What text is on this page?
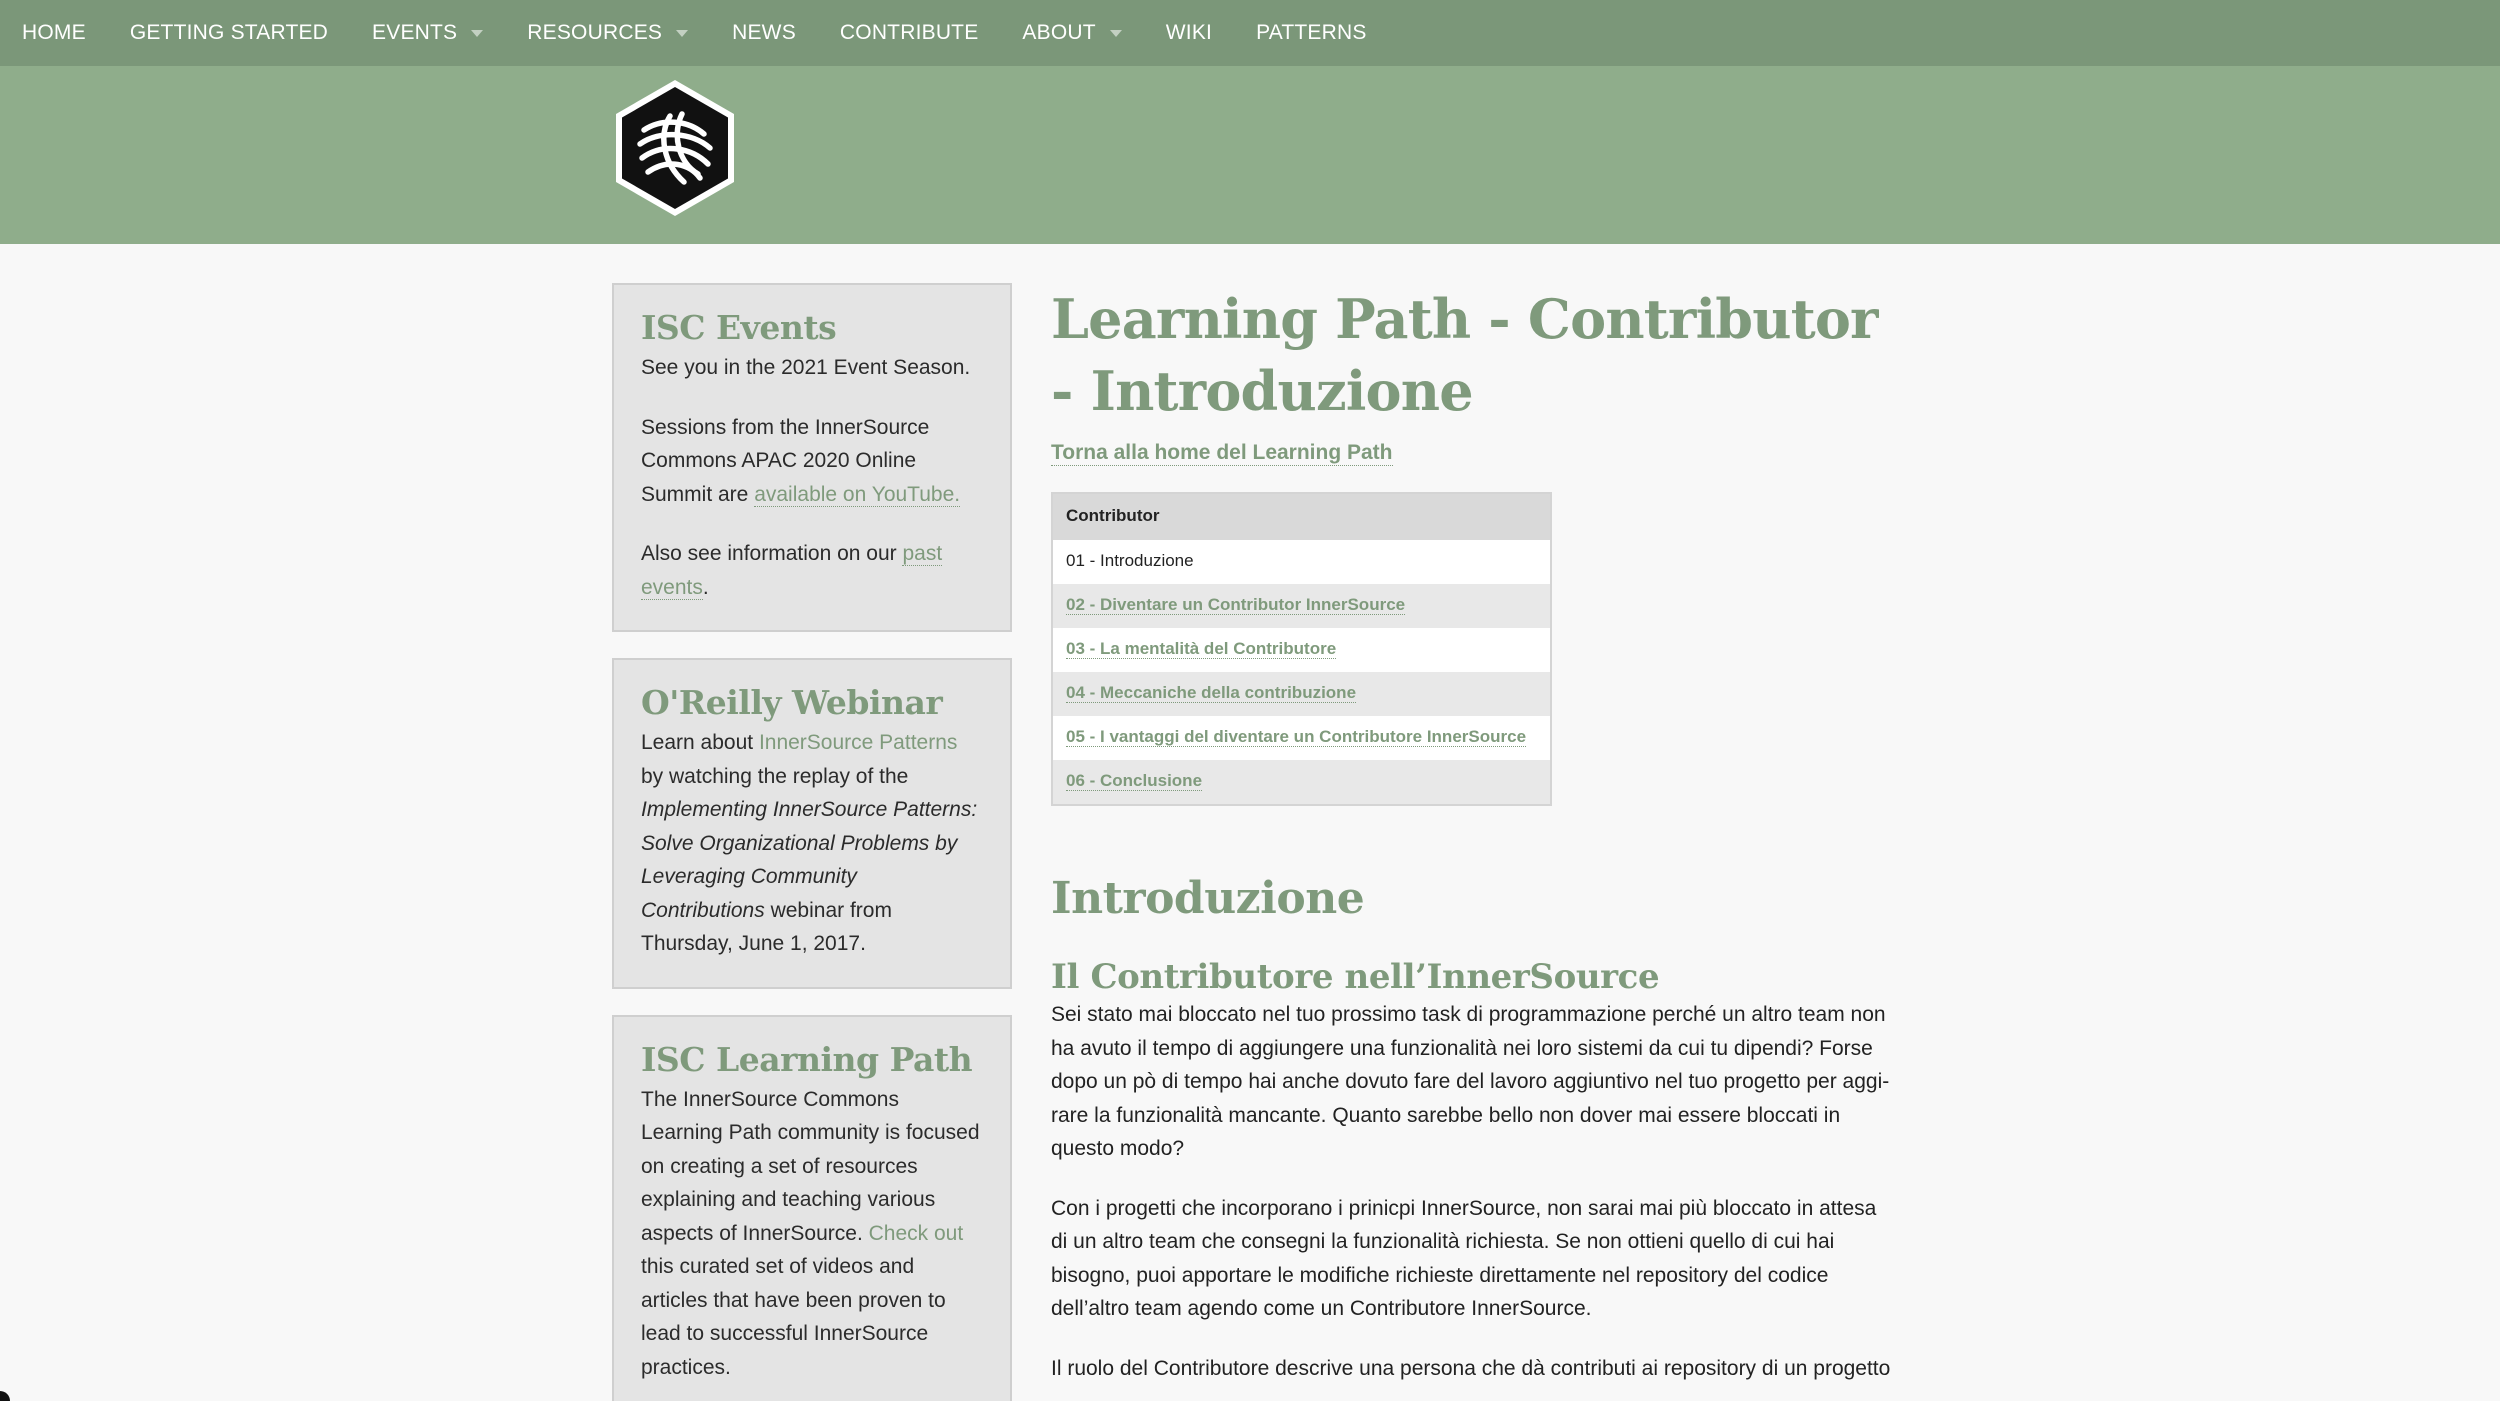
HOME GETTING STARTED EVENTS	RESOURCES	NEWS CONTRIBUTE ABOUT	WIKI PATTERNS
ISC Events

See you in the 2021 Event Season.

Sessions from the InnerSource Commons APAC 2020 Online Summit are available on YouTube.

Also see information on our past events.

O'Reilly Webinar

Learn about InnerSource Patterns by watching the replay of the Implementing InnerSource Patterns: Solve Organizational Problems by Leveraging Community Contributions webinar from Thursday, June 1, 2017.

ISC Learning Path

The InnerSource Commons Learning Path community is focused on creating a set of resources explaining and teaching various aspects of InnerSource. Check out this curated set of videos and articles that have been proven to lead to successful InnerSource practices.

Learning Path - Contributor - Introduzione
Torna alla home del Learning Path
Contributor
01 - Introduzione
02 - Diventare un Contributor InnerSource
03 - La mentalità del Contributore
04 - Meccaniche della contribuzione
05 - I vantaggi del diventare un Contributore InnerSource
06 - Conclusione
Introduzione
Il Contributore nell’InnerSource

Sei stato mai bloccato nel tuo prossimo task di programmazione perché un altro team non ha avuto il tempo di aggiungere una funzionalità nei loro sistemi da cui tu dipendi? Forse dopo un pò di tempo hai anche dovuto fare del lavoro aggiuntivo nel tuo progetto per aggirare la funzionalità mancante. Quanto sarebbe bello non dover mai essere bloccati in questo modo?

Con i progetti che incorporano i prinicpi InnerSource, non sarai mai più bloccato in attesa di un altro team che consegni la funzionalità richiesta. Se non ottieni quello di cui hai bisogno, puoi apportare le modifiche richieste direttamente nel repository del codice dell’altro team agendo come un Contributore InnerSource.

Il ruolo del Contributore descrive una persona che dà contributi ai repository di un progetto
